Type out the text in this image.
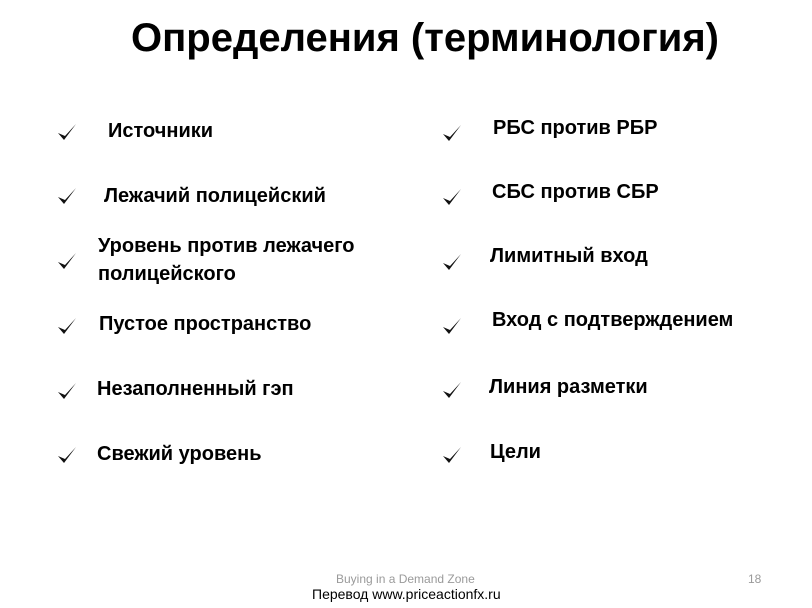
Определения (терминология)
Источники
Лежачий полицейский
Уровень против лежачего
полицейского
Пустое пространство
Незаполненный гэп
Свежий уровень
РБС против РБР
СБС против СБР
Лимитный вход
Вход с подтверждением
Линия разметки
Цели
Buying in a Demand Zone	18
Перевод www.priceactionfx.ru
